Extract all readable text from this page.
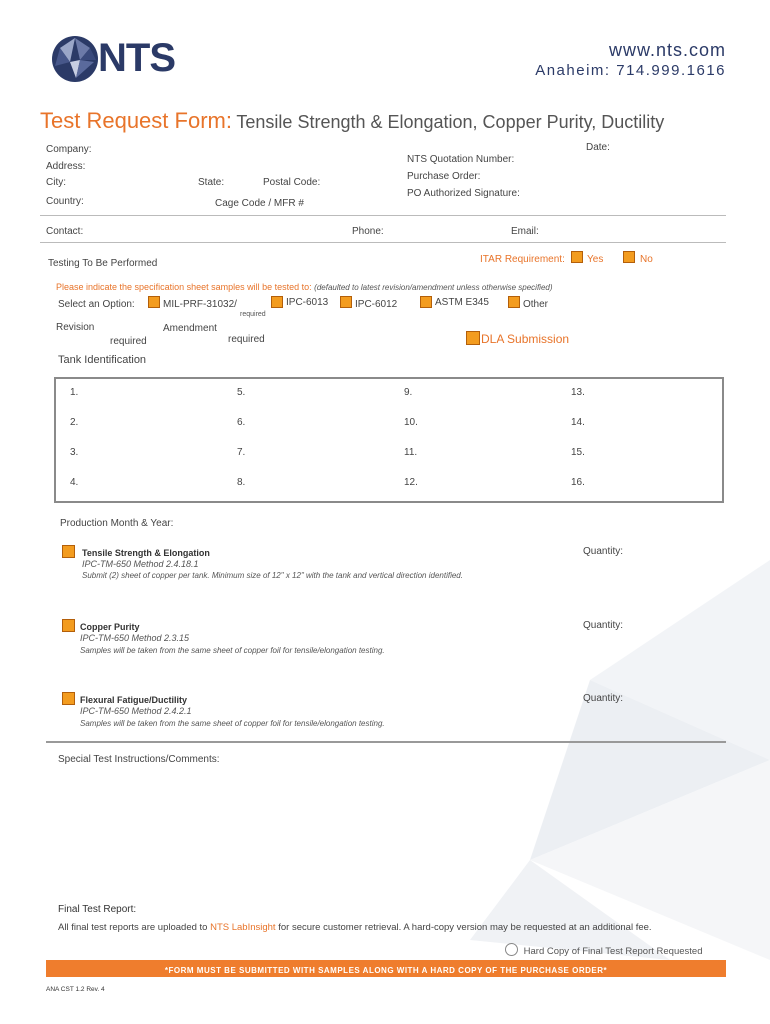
NTS	www.nts.com
Anaheim: 714.999.1616
Test Request Form: Tensile Strength & Elongation, Copper Purity, Ductility
Company:	Date:
Address:
NTS Quotation Number:
City:	State:	Postal Code:
Purchase Order:
PO Authorized Signature:
Country:	Cage Code / MFR #
Contact:	Phone:	Email:
Testing To Be Performed	ITAR Requirement: Yes	No
Please indicate the specification sheet samples will be tested to: (defaulted to latest revision/amendment unless otherwise specified)
Select an Option:	MIL-PRF-31032/	IPC-6013	IPC-6012	ASTM E345	Other
required
Revision	Amendment
required	required	DLA Submission
Tank Identification
1.	5.	9.	13.
2.	6.	10.	14.
3.	7.	11.	15.
4.	8.	12.	16.
Production Month & Year:
Tensile Strength & Elongation
IPC-TM-650 Method 2.4.18.1
Submit (2) sheet of copper per tank. Minimum size of 12" x 12" with the tank and vertical direction identified.
Quantity:
Copper Purity
IPC-TM-650 Method 2.3.15
Samples will be taken from the same sheet of copper foil for tensile/elongation testing.
Quantity:
Flexural Fatigue/Ductility
IPC-TM-650 Method 2.4.2.1
Samples will be taken from the same sheet of copper foil for tensile/elongation testing.
Quantity:
Special Test Instructions/Comments:
Final Test Report:
All final test reports are uploaded to NTS LabInsight for secure customer retrieval. A hard-copy version may be requested at an additional fee.
Hard Copy of Final Test Report Requested
*FORM MUST BE SUBMITTED WITH SAMPLES ALONG WITH A HARD COPY OF THE PURCHASE ORDER*
ANA CST 1.2 Rev. 4
